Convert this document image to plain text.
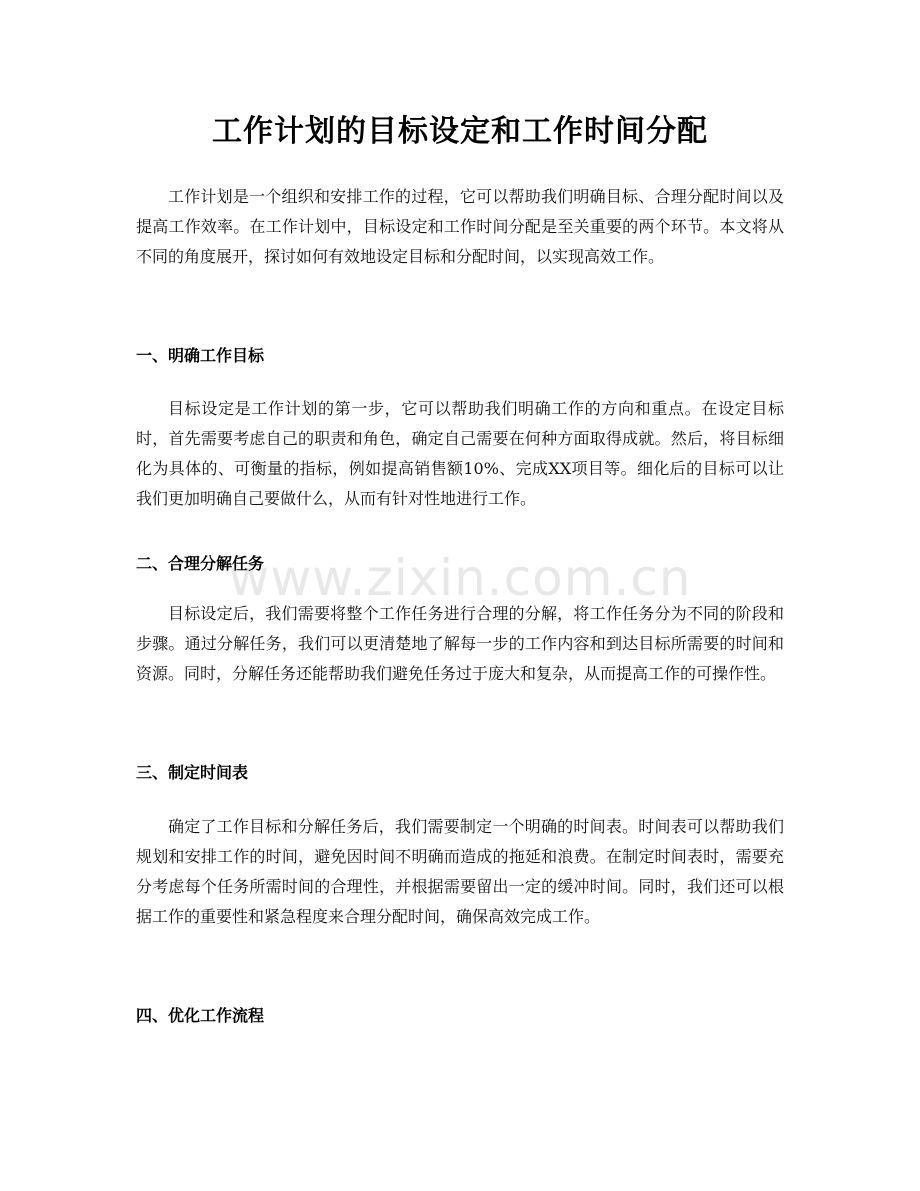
工作计划的目标设定和工作时间分配

工作计划是一个组织和安排工作的过程，它可以帮助我们明确目标、合理分配时间以及提高工作效率。在工作计划中，目标设定和工作时间分配是至关重要的两个环节。本文将从不同的角度展开，探讨如何有效地设定目标和分配时间，以实现高效工作。

一、明确工作目标

目标设定是工作计划的第一步，它可以帮助我们明确工作的方向和重点。在设定目标时，首先需要考虑自己的职责和角色，确定自己需要在何种方面取得成就。然后，将目标细化为具体的、可衡量的指标，例如提高销售额10%、完成XX项目等。细化后的目标可以让我们更加明确自己要做什么，从而有针对性地进行工作。

二、合理分解任务

目标设定后，我们需要将整个工作任务进行合理的分解，将工作任务分为不同的阶段和步骤。通过分解任务，我们可以更清楚地了解每一步的工作内容和到达目标所需要的时间和资源。同时，分解任务还能帮助我们避免任务过于庞大和复杂，从而提高工作的可操作性。

三、制定时间表

确定了工作目标和分解任务后，我们需要制定一个明确的时间表。时间表可以帮助我们规划和安排工作的时间，避免因时间不明确而造成的拖延和浪费。在制定时间表时，需要充分考虑每个任务所需时间的合理性，并根据需要留出一定的缓冲时间。同时，我们还可以根据工作的重要性和紧急程度来合理分配时间，确保高效完成工作。

四、优化工作流程
www.zixin.com.cn
